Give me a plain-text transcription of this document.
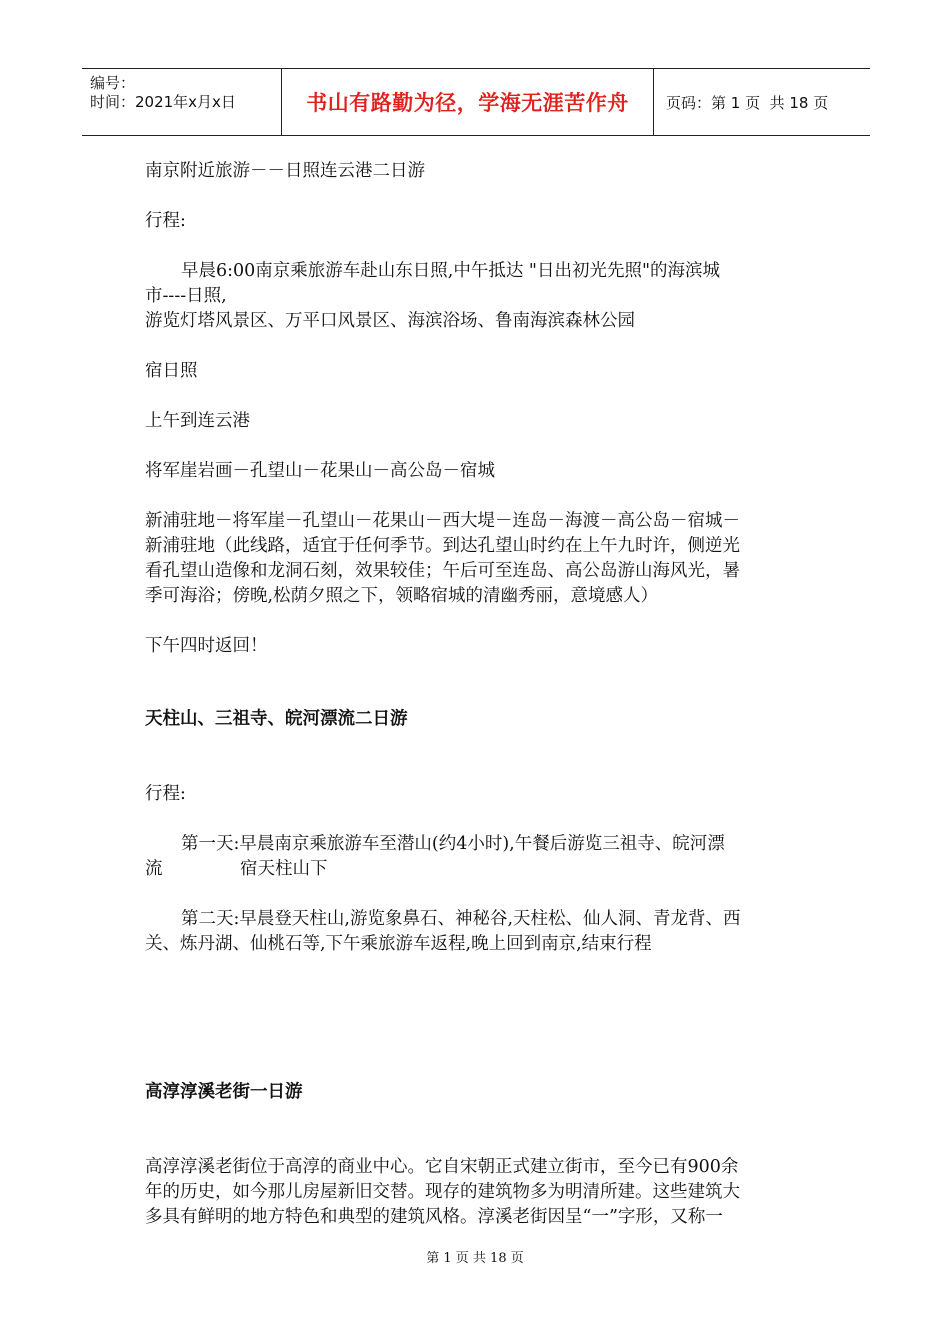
编号：
时间：2021年x月x日	书山有路勤为径，学海无涯苦作舟	页码：第 1 页  共 18 页
南京附近旅游－－日照连云港二日游
行程:
早晨6:00南京乘旅游车赴山东日照,中午抵达 "日出初光先照"的海滨城
市----日照,
游览灯塔风景区、万平口风景区、海滨浴场、鲁南海滨森林公园
宿日照
上午到连云港
将军崖岩画－孔望山－花果山－高公岛－宿城
新浦驻地－将军崖－孔望山－花果山－西大堤－连岛－海渡－高公岛－宿城－
新浦驻地（此线路，适宜于任何季节。到达孔望山时约在上午九时许，侧逆光
看孔望山造像和龙洞石刻，效果较佳；午后可至连岛、高公岛游山海风光，暑
季可海浴；傍晚,松荫夕照之下，领略宿城的清幽秀丽，意境感人）
下午四时返回！
天柱山、三祖寺、皖河漂流二日游
行程:
第一天:早晨南京乘旅游车至潜山(约4小时),午餐后游览三祖寺、皖河漂
流	宿天柱山下
第二天:早晨登天柱山,游览象鼻石、神秘谷,天柱松、仙人洞、青龙背、西
关、炼丹湖、仙桃石等,下午乘旅游车返程,晚上回到南京,结束行程
高淳淳溪老街一日游
高淳淳溪老街位于高淳的商业中心。它自宋朝正式建立街市，至今已有900余
年的历史，如今那儿房屋新旧交替。现存的建筑物多为明清所建。这些建筑大
多具有鲜明的地方特色和典型的建筑风格。淳溪老街因呈“一”字形，又称一
第 1 页 共 18 页
